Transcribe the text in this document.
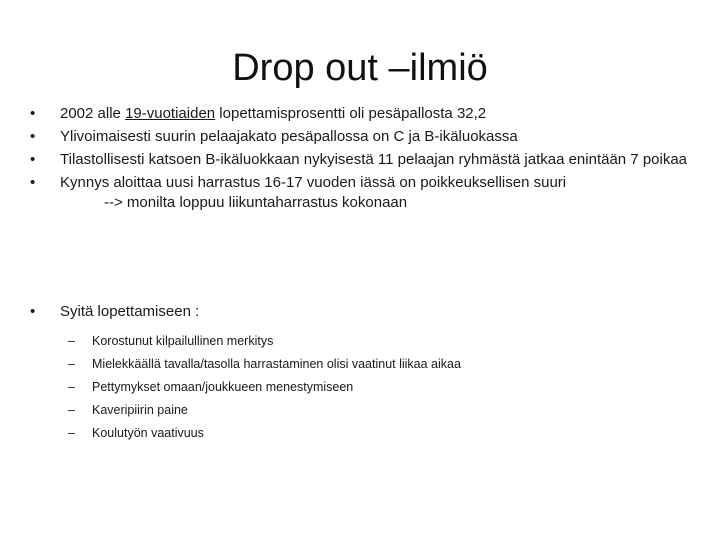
Drop out –ilmiö
• 2002 alle 19-vuotiaiden lopettamisprosentti oli pesäpallosta 32,2
• Ylivoimaisesti suurin pelaajakato pesäpallossa on C ja B-ikäluokassa
• Tilastollisesti katsoen B-ikäluokkaan nykyisestä 11 pelaajan ryhmästä jatkaa enintään 7 poikaa
• Kynnys aloittaa uusi harrastus 16-17 vuoden iässä on poikkeuksellisen suuri
--> monilta loppuu liikuntaharrastus kokonaan
• Syitä lopettamiseen :
– Korostunut kilpailullinen merkitys
– Mielekkäällä tavalla/tasolla harrastaminen olisi vaatinut liikaa aikaa
– Pettymykset omaan/joukkueen menestymiseen
– Kaveripiirin paine
– Koulutyön vaativuus
